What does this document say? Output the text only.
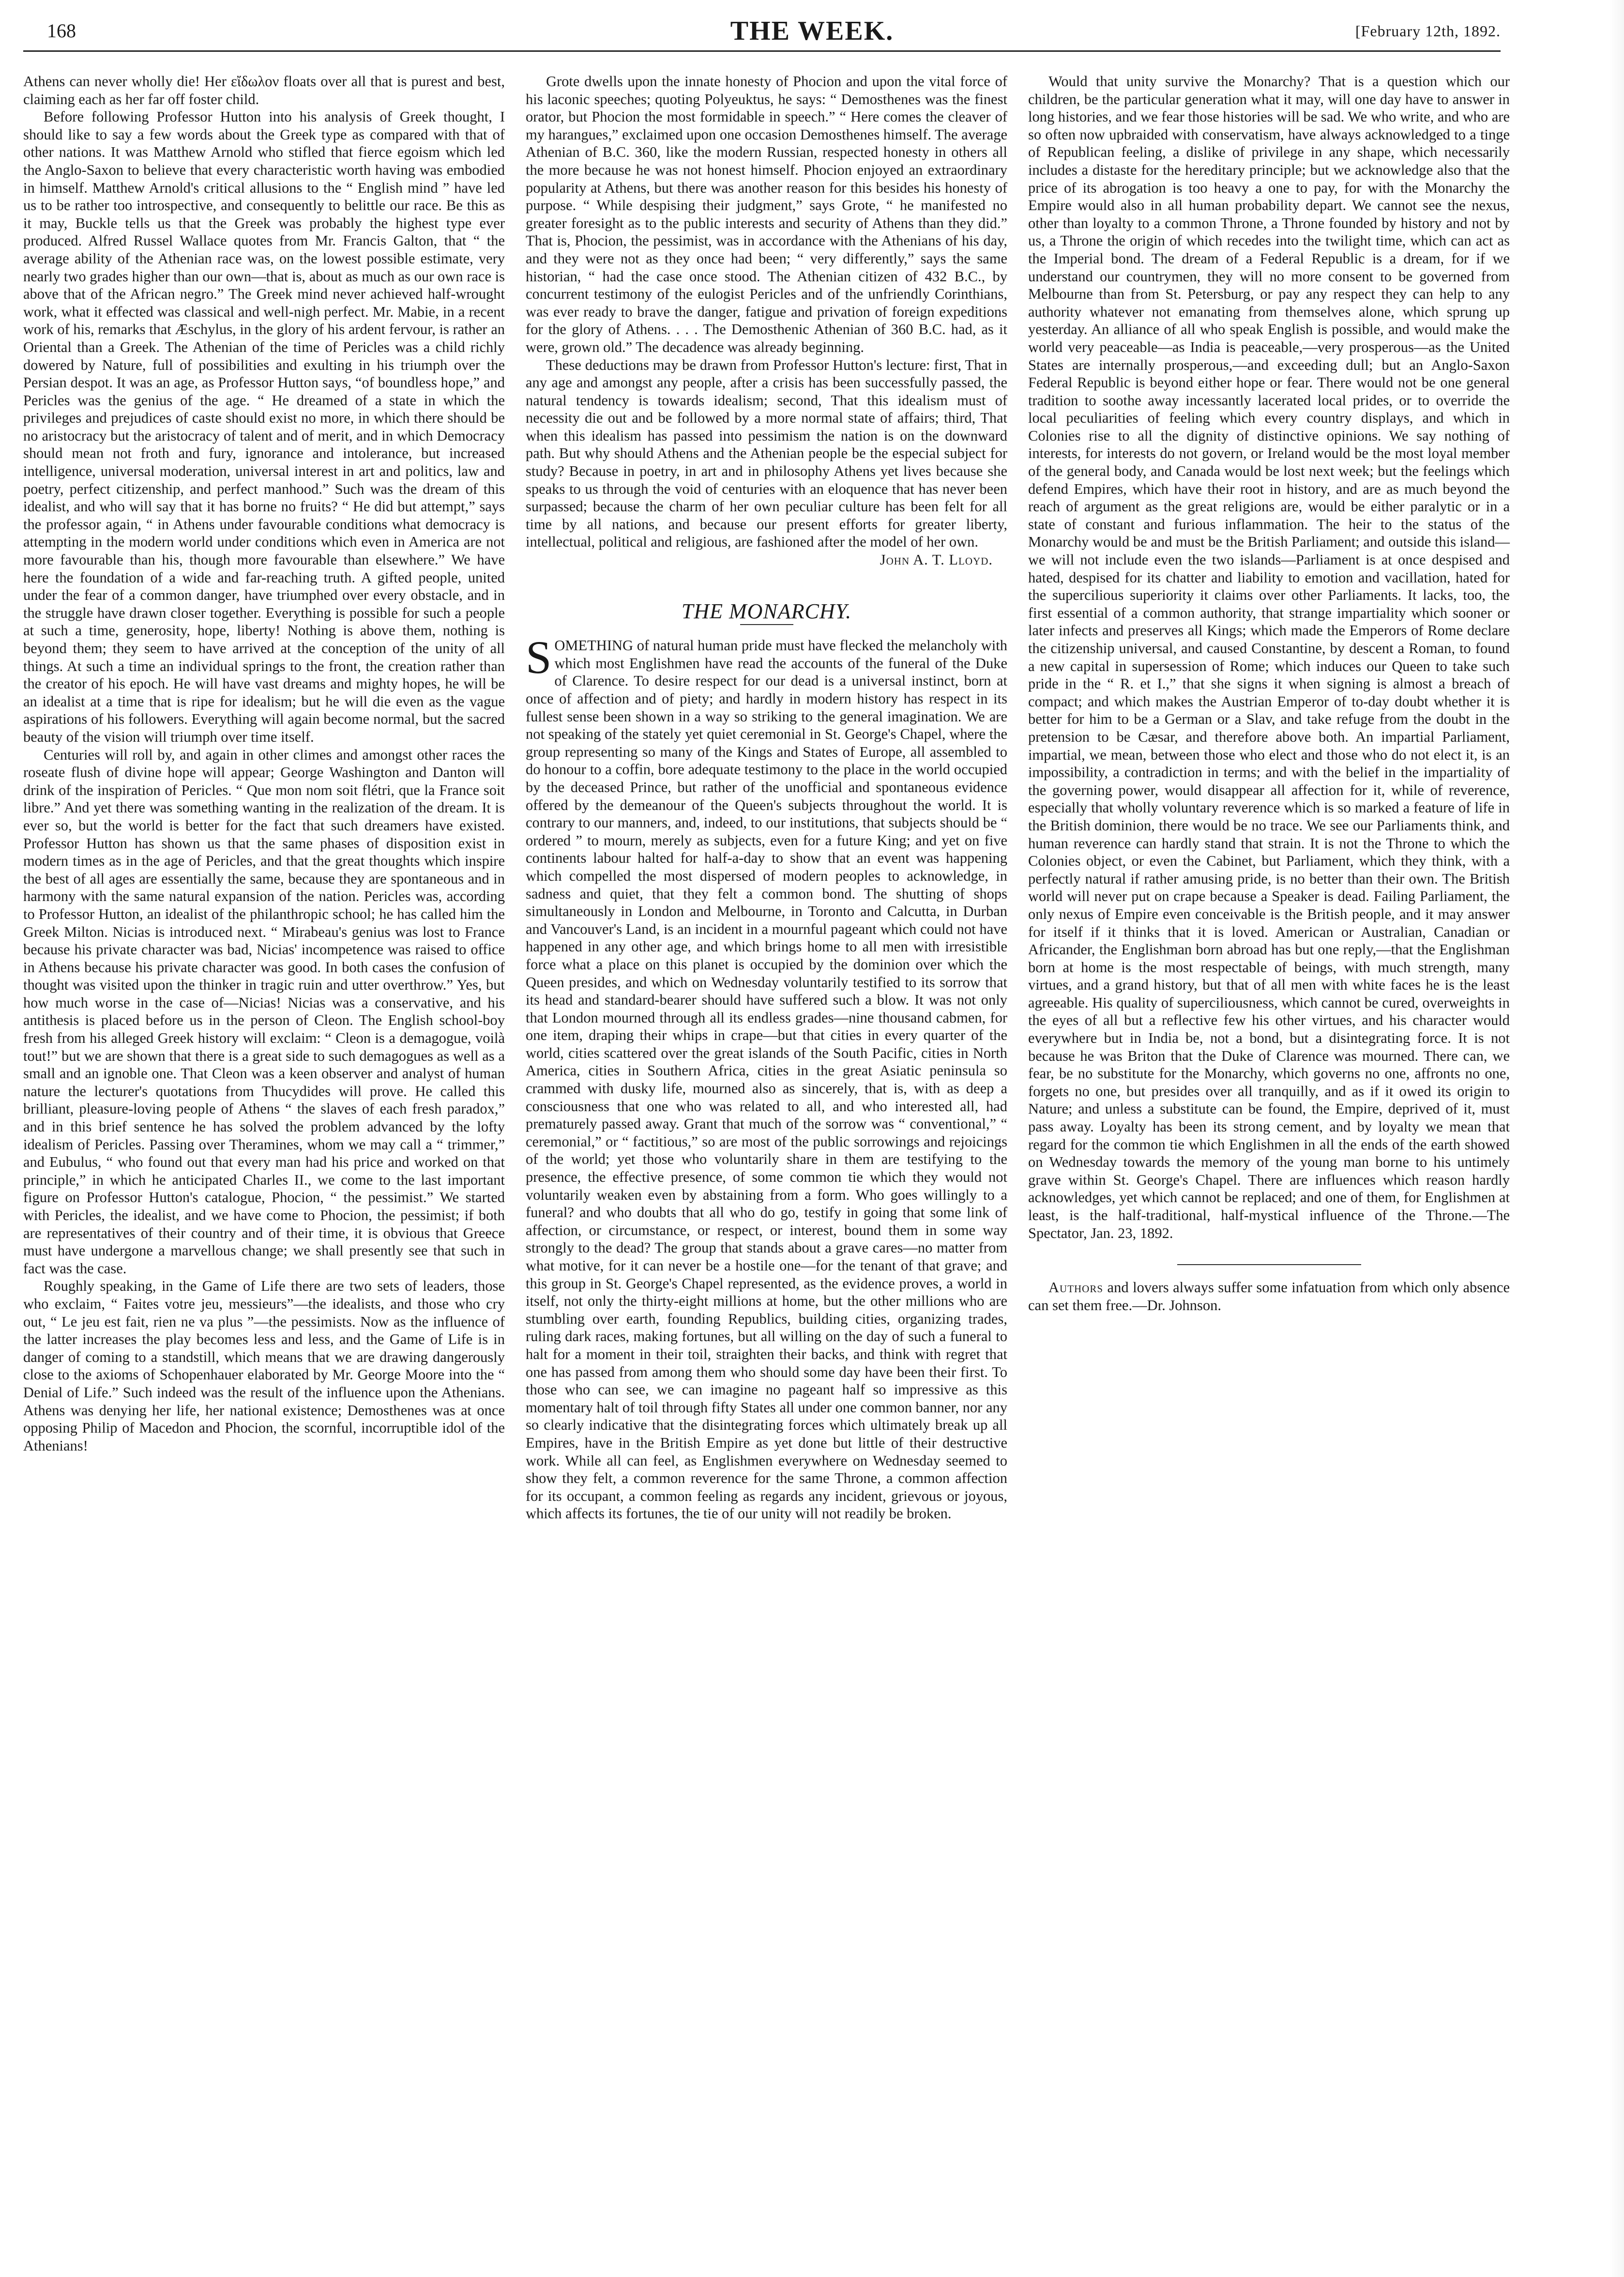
168	THE WEEK.	[February 12th, 1892.

Athens can never wholly die! Her εἴδωλον floats over all that is purest and best, claiming each as her far off foster child.

Before following Professor Hutton into his analysis of Greek thought, I should like to say a few words about the Greek type as compared with that of other nations. It was Matthew Arnold who stifled that fierce egoism which led the Anglo-Saxon to believe that every characteristic worth having was embodied in himself. Matthew Arnold's critical allusions to the “ English mind ” have led us to be rather too introspective, and consequently to belittle our race. Be this as it may, Buckle tells us that the Greek was probably the highest type ever produced. Alfred Russel Wallace quotes from Mr. Francis Galton, that “ the average ability of the Athenian race was, on the lowest possible estimate, very nearly two grades higher than our own—that is, about as much as our own race is above that of the African negro.” The Greek mind never achieved half-wrought work, what it effected was classical and well-nigh perfect. Mr. Mabie, in a recent work of his, remarks that Æschylus, in the glory of his ardent fervour, is rather an Oriental than a Greek. The Athenian of the time of Pericles was a child richly dowered by Nature, full of possibilities and exulting in his triumph over the Persian despot. It was an age, as Professor Hutton says, “of boundless hope,” and Pericles was the genius of the age. “ He dreamed of a state in which the privileges and prejudices of caste should exist no more, in which there should be no aristocracy but the aristocracy of talent and of merit, and in which Democracy should mean not froth and fury, ignorance and intolerance, but increased intelligence, universal moderation, universal interest in art and politics, law and poetry, perfect citizenship, and perfect manhood.” Such was the dream of this idealist, and who will say that it has borne no fruits? “ He did but attempt,” says the professor again, “ in Athens under favourable conditions what democracy is attempting in the modern world under conditions which even in America are not more favourable than his, though more favourable than elsewhere.” We have here the foundation of a wide and far-reaching truth. A gifted people, united under the fear of a common danger, have triumphed over every obstacle, and in the struggle have drawn closer together. Everything is possible for such a people at such a time, generosity, hope, liberty! Nothing is above them, nothing is beyond them; they seem to have arrived at the conception of the unity of all things. At such a time an individual springs to the front, the creation rather than the creator of his epoch. He will have vast dreams and mighty hopes, he will be an idealist at a time that is ripe for idealism; but he will die even as the vague aspirations of his followers. Everything will again become normal, but the sacred beauty of the vision will triumph over time itself.

Centuries will roll by, and again in other climes and amongst other races the roseate flush of divine hope will appear; George Washington and Danton will drink of the inspiration of Pericles. “ Que mon nom soit flétri, que la France soit libre.” And yet there was something wanting in the realization of the dream. It is ever so, but the world is better for the fact that such dreamers have existed. Professor Hutton has shown us that the same phases of disposition exist in modern times as in the age of Pericles, and that the great thoughts which inspire the best of all ages are essentially the same, because they are spontaneous and in harmony with the same natural expansion of the nation. Pericles was, according to Professor Hutton, an idealist of the philanthropic school; he has called him the Greek Milton. Nicias is introduced next. “ Mirabeau's genius was lost to France because his private character was bad, Nicias' incompetence was raised to office in Athens because his private character was good. In both cases the confusion of thought was visited upon the thinker in tragic ruin and utter overthrow.” Yes, but how much worse in the case of—Nicias! Nicias was a conservative, and his antithesis is placed before us in the person of Cleon. The English school-boy fresh from his alleged Greek history will exclaim: “ Cleon is a demagogue, voilà tout!” but we are shown that there is a great side to such demagogues as well as a small and an ignoble one. That Cleon was a keen observer and analyst of human nature the lecturer's quotations from Thucydides will prove. He called this brilliant, pleasure-loving people of Athens “ the slaves of each fresh paradox,” and in this brief sentence he has solved the problem advanced by the lofty idealism of Pericles. Passing over Theramines, whom we may call a “ trimmer,” and Eubulus, “ who found out that every man had his price and worked on that principle,” in which he anticipated Charles II., we come to the last important figure on Professor Hutton's catalogue, Phocion, “ the pessimist.” We started with Pericles, the idealist, and we have come to Phocion, the pessimist; if both are representatives of their country and of their time, it is obvious that Greece must have undergone a marvellous change; we shall presently see that such in fact was the case.

Roughly speaking, in the Game of Life there are two sets of leaders, those who exclaim, “ Faites votre jeu, messieurs”—the idealists, and those who cry out, “ Le jeu est fait, rien ne va plus ”—the pessimists. Now as the influence of the latter increases the play becomes less and less, and the Game of Life is in danger of coming to a standstill, which means that we are drawing dangerously close to the axioms of Schopenhauer elaborated by Mr. George Moore into the “ Denial of Life.” Such indeed was the result of the influence upon the Athenians. Athens was denying her life, her national existence; Demosthenes was at once opposing Philip of Macedon and Phocion, the scornful, incorruptible idol of the Athenians!

Grote dwells upon the innate honesty of Phocion and upon the vital force of his laconic speeches; quoting Polyeuktus, he says: “ Demosthenes was the finest orator, but Phocion the most formidable in speech.” “ Here comes the cleaver of my harangues,” exclaimed upon one occasion Demosthenes himself. The average Athenian of B.C. 360, like the modern Russian, respected honesty in others all the more because he was not honest himself. Phocion enjoyed an extraordinary popularity at Athens, but there was another reason for this besides his honesty of purpose. “ While despising their judgment,” says Grote, “ he manifested no greater foresight as to the public interests and security of Athens than they did.” That is, Phocion, the pessimist, was in accordance with the Athenians of his day, and they were not as they once had been; “ very differently,” says the same historian, “ had the case once stood. The Athenian citizen of 432 B.C., by concurrent testimony of the eulogist Pericles and of the unfriendly Corinthians, was ever ready to brave the danger, fatigue and privation of foreign expeditions for the glory of Athens. . . . The Demosthenic Athenian of 360 B.C. had, as it were, grown old.” The decadence was already beginning.

These deductions may be drawn from Professor Hutton's lecture: first, That in any age and amongst any people, after a crisis has been successfully passed, the natural tendency is towards idealism; second, That this idealism must of necessity die out and be followed by a more normal state of affairs; third, That when this idealism has passed into pessimism the nation is on the downward path. But why should Athens and the Athenian people be the especial subject for study? Because in poetry, in art and in philosophy Athens yet lives because she speaks to us through the void of centuries with an eloquence that has never been surpassed; because the charm of her own peculiar culture has been felt for all time by all nations, and because our present efforts for greater liberty, intellectual, political and religious, are fashioned after the model of her own.

John A. T. Lloyd.

THE MONARCHY.

SOMETHING of natural human pride must have flecked the melancholy with which most Englishmen have read the accounts of the funeral of the Duke of Clarence. To desire respect for our dead is a universal instinct, born at once of affection and of piety; and hardly in modern history has respect in its fullest sense been shown in a way so striking to the general imagination. We are not speaking of the stately yet quiet ceremonial in St. George's Chapel, where the group representing so many of the Kings and States of Europe, all assembled to do honour to a coffin, bore adequate testimony to the place in the world occupied by the deceased Prince, but rather of the unofficial and spontaneous evidence offered by the demeanour of the Queen's subjects throughout the world. It is contrary to our manners, and, indeed, to our institutions, that subjects should be “ ordered ” to mourn, merely as subjects, even for a future King; and yet on five continents labour halted for half-a-day to show that an event was happening which compelled the most dispersed of modern peoples to acknowledge, in sadness and quiet, that they felt a common bond. The shutting of shops simultaneously in London and Melbourne, in Toronto and Calcutta, in Durban and Vancouver's Land, is an incident in a mournful pageant which could not have happened in any other age, and which brings home to all men with irresistible force what a place on this planet is occupied by the dominion over which the Queen presides, and which on Wednesday voluntarily testified to its sorrow that its head and standard-bearer should have suffered such a blow. It was not only that London mourned through all its endless grades—nine thousand cabmen, for one item, draping their whips in crape—but that cities in every quarter of the world, cities scattered over the great islands of the South Pacific, cities in North America, cities in Southern Africa, cities in the great Asiatic peninsula so crammed with dusky life, mourned also as sincerely, that is, with as deep a consciousness that one who was related to all, and who interested all, had prematurely passed away. Grant that much of the sorrow was “ conventional,” “ ceremonial,” or “ factitious,” so are most of the public sorrowings and rejoicings of the world; yet those who voluntarily share in them are testifying to the presence, the effective presence, of some common tie which they would not voluntarily weaken even by abstaining from a form. Who goes willingly to a funeral? and who doubts that all who do go, testify in going that some link of affection, or circumstance, or respect, or interest, bound them in some way strongly to the dead? The group that stands about a grave cares—no matter from what motive, for it can never be a hostile one—for the tenant of that grave; and this group in St. George's Chapel represented, as the evidence proves, a world in itself, not only the thirty-eight millions at home, but the other millions who are stumbling over earth, founding Republics, building cities, organizing trades, ruling dark races, making fortunes, but all willing on the day of such a funeral to halt for a moment in their toil, straighten their backs, and think with regret that one has passed from among them who should some day have been their first. To those who can see, we can imagine no pageant half so impressive as this momentary halt of toil through fifty States all under one common banner, nor any so clearly indicative that the disintegrating forces which ultimately break up all Empires, have in the British Empire as yet done but little of their destructive work. While all can feel, as Englishmen everywhere on Wednesday seemed to show they felt, a common reverence for the same Throne, a common affection for its occupant, a common feeling as regards any incident, grievous or joyous, which affects its fortunes, the tie of our unity will not readily be broken.

Would that unity survive the Monarchy? That is a question which our children, be the particular generation what it may, will one day have to answer in long histories, and we fear those histories will be sad. We who write, and who are so often now upbraided with conservatism, have always acknowledged to a tinge of Republican feeling, a dislike of privilege in any shape, which necessarily includes a distaste for the hereditary principle; but we acknowledge also that the price of its abrogation is too heavy a one to pay, for with the Monarchy the Empire would also in all human probability depart. We cannot see the nexus, other than loyalty to a common Throne, a Throne founded by history and not by us, a Throne the origin of which recedes into the twilight time, which can act as the Imperial bond. The dream of a Federal Republic is a dream, for if we understand our countrymen, they will no more consent to be governed from Melbourne than from St. Petersburg, or pay any respect they can help to any authority whatever not emanating from themselves alone, which sprung up yesterday. An alliance of all who speak English is possible, and would make the world very peaceable—as India is peaceable,—very prosperous—as the United States are internally prosperous,—and exceeding dull; but an Anglo-Saxon Federal Republic is beyond either hope or fear. There would not be one general tradition to soothe away incessantly lacerated local prides, or to override the local peculiarities of feeling which every country displays, and which in Colonies rise to all the dignity of distinctive opinions. We say nothing of interests, for interests do not govern, or Ireland would be the most loyal member of the general body, and Canada would be lost next week; but the feelings which defend Empires, which have their root in history, and are as much beyond the reach of argument as the great religions are, would be either paralytic or in a state of constant and furious inflammation. The heir to the status of the Monarchy would be and must be the British Parliament; and outside this island—we will not include even the two islands—Parliament is at once despised and hated, despised for its chatter and liability to emotion and vacillation, hated for the supercilious superiority it claims over other Parliaments. It lacks, too, the first essential of a common authority, that strange impartiality which sooner or later infects and preserves all Kings; which made the Emperors of Rome declare the citizenship universal, and caused Constantine, by descent a Roman, to found a new capital in supersession of Rome; which induces our Queen to take such pride in the “ R. et I.,” that she signs it when signing is almost a breach of compact; and which makes the Austrian Emperor of to-day doubt whether it is better for him to be a German or a Slav, and take refuge from the doubt in the pretension to be Cæsar, and therefore above both. An impartial Parliament, impartial, we mean, between those who elect and those who do not elect it, is an impossibility, a contradiction in terms; and with the belief in the impartiality of the governing power, would disappear all affection for it, while of reverence, especially that wholly voluntary reverence which is so marked a feature of life in the British dominion, there would be no trace. We see our Parliaments think, and human reverence can hardly stand that strain. It is not the Throne to which the Colonies object, or even the Cabinet, but Parliament, which they think, with a perfectly natural if rather amusing pride, is no better than their own. The British world will never put on crape because a Speaker is dead. Failing Parliament, the only nexus of Empire even conceivable is the British people, and it may answer for itself if it thinks that it is loved. American or Australian, Canadian or Africander, the Englishman born abroad has but one reply,—that the Englishman born at home is the most respectable of beings, with much strength, many virtues, and a grand history, but that of all men with white faces he is the least agreeable. His quality of superciliousness, which cannot be cured, overweights in the eyes of all but a reflective few his other virtues, and his character would everywhere but in India be, not a bond, but a disintegrating force. It is not because he was Briton that the Duke of Clarence was mourned. There can, we fear, be no substitute for the Monarchy, which governs no one, affronts no one, forgets no one, but presides over all tranquilly, and as if it owed its origin to Nature; and unless a substitute can be found, the Empire, deprived of it, must pass away. Loyalty has been its strong cement, and by loyalty we mean that regard for the common tie which Englishmen in all the ends of the earth showed on Wednesday towards the memory of the young man borne to his untimely grave within St. George's Chapel. There are influences which reason hardly acknowledges, yet which cannot be replaced; and one of them, for Englishmen at least, is the half-traditional, half-mystical influence of the Throne.—The Spectator, Jan. 23, 1892.

Authors and lovers always suffer some infatuation from which only absence can set them free.—Dr. Johnson.
